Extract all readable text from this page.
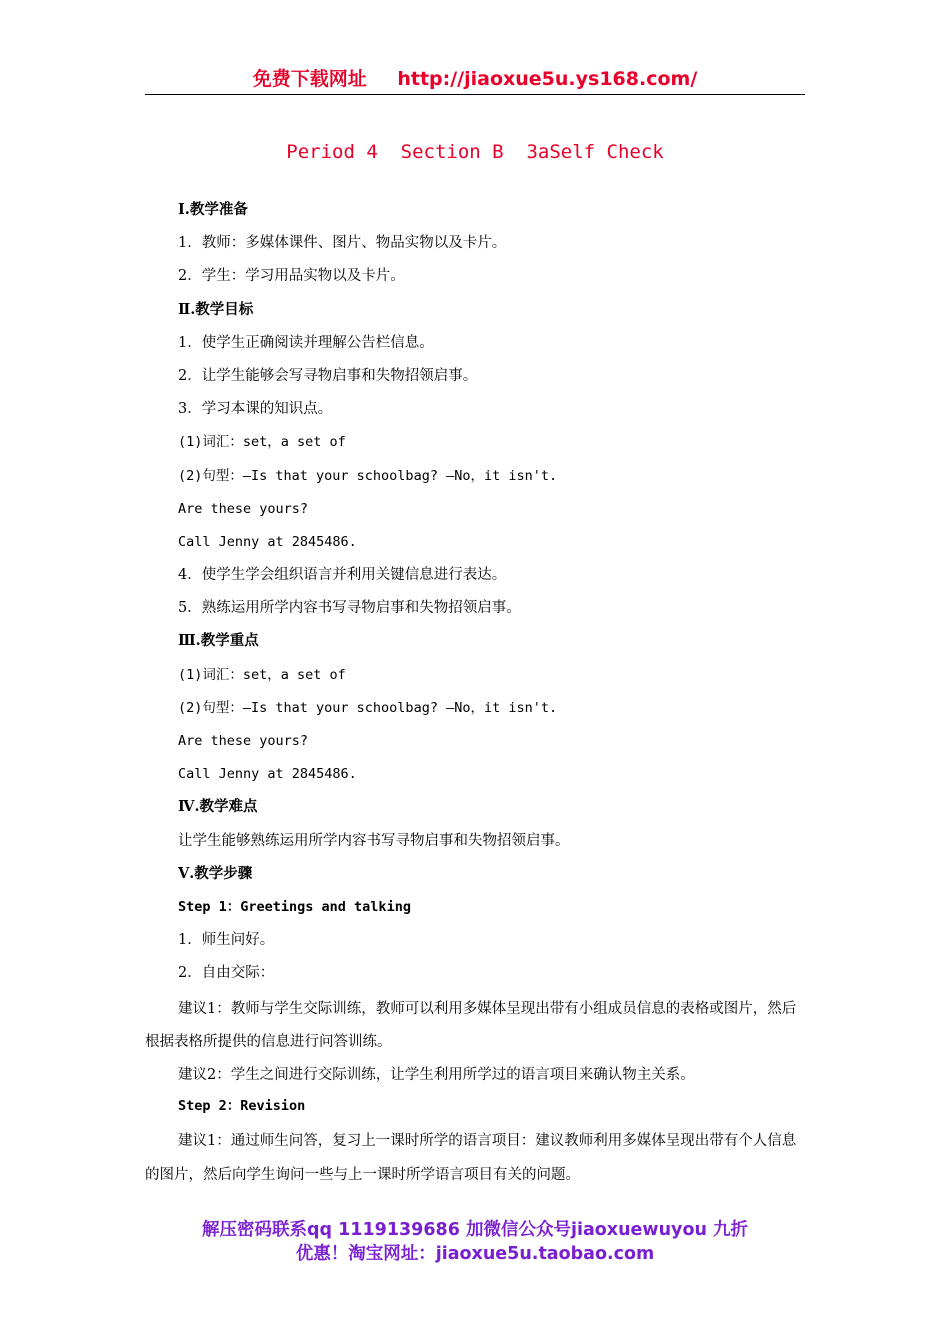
免费下载网址 http://jiaoxue5u.ys168.com/
Period 4  Section B  3aSelf Check
Ⅰ.教学准备
1．教师：多媒体课件、图片、物品实物以及卡片。
2．学生：学习用品实物以及卡片。
Ⅱ.教学目标
1．使学生正确阅读并理解公告栏信息。
2．让学生能够会写寻物启事和失物招领启事。
3．学习本课的知识点。
(1)词汇：set，a set of
(2)句型：—Is that your schoolbag? —No，it isn't.
Are these yours?
Call Jenny at 2845486.
4．使学生学会组织语言并利用关键信息进行表达。
5．熟练运用所学内容书写寻物启事和失物招领启事。
Ⅲ.教学重点
(1)词汇：set，a set of
(2)句型：—Is that your schoolbag? —No，it isn't.
Are these yours?
Call Jenny at 2845486.
Ⅳ.教学难点
让学生能够熟练运用所学内容书写寻物启事和失物招领启事。
Ⅴ.教学步骤
Step 1：Greetings and talking
1．师生问好。
2．自由交际：
建议1：教师与学生交际训练，教师可以利用多媒体呈现出带有小组成员信息的表格或图片，然后根据表格所提供的信息进行问答训练。
建议2：学生之间进行交际训练，让学生利用所学过的语言项目来确认物主关系。
Step 2：Revision
建议1：通过师生问答，复习上一课时所学的语言项目：建议教师利用多媒体呈现出带有个人信息的图片，然后向学生询问一些与上一课时所学语言项目有关的问题。
解压密码联系qq 1119139686 加微信公众号jiaoxuewuyou 九折
优惠！淘宝网址：jiaoxue5u.taobao.com
